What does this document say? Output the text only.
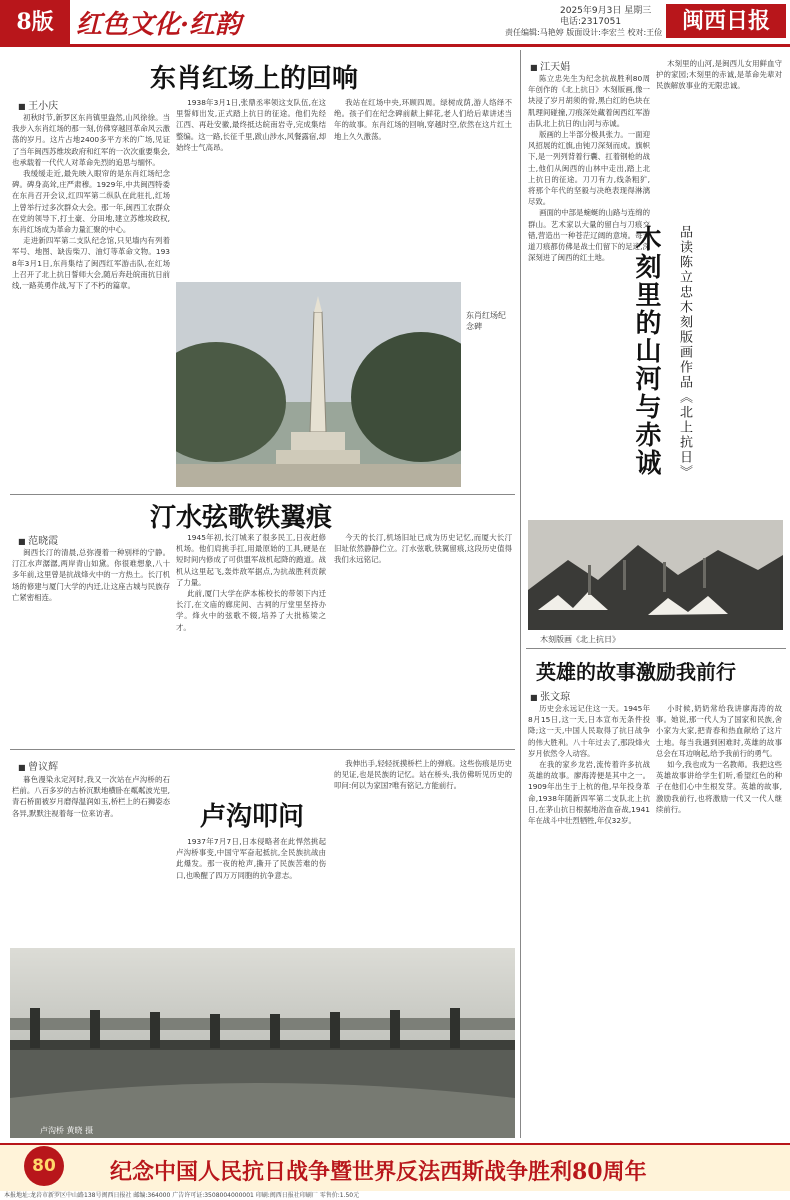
8版 红色文化·红韵	2025年9月3日 星期三
电话:2317051
责任编辑:马艳婷 版面设计:李宏兰 校对:王俭 闽西日报
东肖红场上的回响
■ 王小庆

初秋时节,新罗区东肖镇里盎然,山风徐徐。当我步入东肖红场的那一刻,仿佛穿越回革命风云激荡的岁月。这片占地2400多平方米的广场,见证了当年闽西苏维埃政府和红军的一次次重要集会,也承载着一代代人对革命先烈的追思与缅怀。

我缓缓走近,最先映入眼帘的是东肖红场纪念碑。碑身高耸,庄严肃穆。1929年,中共闽西特委在东肖召开会议,红四军第二纵队在此驻扎,红场上曾举行过多次群众大会。那一年,闽西工农群众在党的领导下,打土豪、分田地,建立苏维埃政权,东肖红场成为革命力量汇聚的中心。

走进新四军第二支队纪念馆,只见墙内有列着军号、地图、缺齿柴刀、油灯等革命文物。1938年3月1日,东肖集结了闽西红军游击队,在红场上召开了北上抗日誓师大会,随后奔赴皖南抗日前线,一路英勇作战,写下了不朽的篇章。

1938年3月1日,张鼎丞率领这支队伍,在这里誓师出发,正式踏上抗日的征途。他们先经江西、再赴安徽,最终抵达皖南岩寺,完成集结整编。这一路,长征千里,跋山涉水,风餐露宿,却始终士气高昂。

我站在红场中央,环顾四周。绿树成荫,游人络绎不绝。孩子们在纪念碑前献上鲜花,老人们给后辈讲述当年的故事。东肖红场的回响,穿越时空,依然在这片红土地上久久激荡。

东肖红场纪念碑
汀水弦歌铁翼痕
■ 范晓霞

闽西长汀的清晨,总弥漫着一种别样的宁静。汀江水声潺潺,两岸青山如黛。你很难想象,八十多年前,这里曾是抗战烽火中的一方热土。长汀机场的修建与厦门大学的内迁,让这座古城与民族存亡紧密相连。

1945年初,长汀城来了很多民工,日夜赶修机场。他们肩挑手扛,用最原始的工具,硬是在短时间内修成了可供盟军战机起降的跑道。战机从这里起飞,轰炸敌军据点,为抗战胜利贡献了力量。

此前,厦门大学在萨本栋校长的带领下内迁长汀,在文庙的廊庑间、古祠的厅堂里坚持办学。烽火中的弦歌不辍,培养了大批栋梁之才。

今天的长汀,机场旧址已成为历史记忆,而厦大长汀旧址依然静静伫立。汀水弦歌,铁翼留痕,这段历史值得我们永远铭记。

■ 曾议辉

暮色漫染永定河时,我又一次站在卢沟桥的石栏前。八百多岁的古桥沉默地横卧在粼粼波光里,青石桥面被岁月磨得温润如玉,桥栏上的石狮姿态各异,默默注视着每一位来访者。	卢沟叩问

1937年7月7日,日本侵略者在此悍然挑起卢沟桥事变,中国守军奋起抵抗,全民族抗战由此爆发。那一夜的枪声,撕开了民族苦难的伤口,也唤醒了四万万同胞的抗争意志。

我伸出手,轻轻抚摸桥栏上的弹痕。这些伤痕是历史的见证,也是民族的记忆。站在桥头,我仿佛听见历史的叩问:何以为家国?唯有铭记,方能前行。

卢沟桥 黄晓 摄
■ 江天娟

陈立忠先生为纪念抗战胜利80周年创作的《北上抗日》木刻版画,像一块浸了岁月胡须的骨,黑白红的色块在肌理间碰撞,刀痕深处藏着闽西红军游击队北上抗日的山河与赤诚。

版画的上半部分极具张力。一面迎风招展的红旗,由钝刀深刻而成。旗帜下,是一列列背着行囊、扛着钢枪的战士,他们从闽西的山林中走出,踏上北上抗日的征途。刀刀有力,线条粗犷,将那个年代的坚毅与决绝表现得淋漓尽致。

画面的中部是蜿蜒的山路与连绵的群山。艺术家以大量的留白与刀痕交错,营造出一种苍茫辽阔的意境。每一道刀痕都仿佛是战士们留下的足迹,深深刻进了闽西的红土地。

木刻里的山河,是闽西儿女用鲜血守护的家园;木刻里的赤诚,是革命先辈对民族解放事业的无限忠诚。

木刻里的山河与赤诚	品读陈立忠木刻版画作品《北上抗日》
木刻版画《北上抗日》
英雄的故事激励我前行
■ 张文琼

历史会永远记住这一天。1945年8月15日,这一天,日本宣布无条件投降;这一天,中国人民取得了抗日战争的伟大胜利。八十年过去了,那段烽火岁月依然令人动容。

在我的家乡龙岩,流传着许多抗战英雄的故事。廖海涛便是其中之一。1909年出生于上杭的他,早年投身革命,1938年随新四军第二支队北上抗日,在茅山抗日根据地浴血奋战,1941年在战斗中壮烈牺牲,年仅32岁。

小时候,奶奶常给我讲廖海涛的故事。她说,那一代人为了国家和民族,舍小家为大家,把青春和热血献给了这片土地。每当我遇到困难时,英雄的故事总会在耳边响起,给予我前行的勇气。

如今,我也成为一名教师。我把这些英雄故事讲给学生们听,希望红色的种子在他们心中生根发芽。英雄的故事,激励我前行,也将激励一代又一代人继续前行。

80	纪念中国人民抗日战争暨世界反法西斯战争胜利80周年
本报地址:龙岩市新罗区中山路138号闽西日报社 邮编:364000 广告许可证:3508004000001 印刷:闽西日报社印刷厂 零售价:1.50元
